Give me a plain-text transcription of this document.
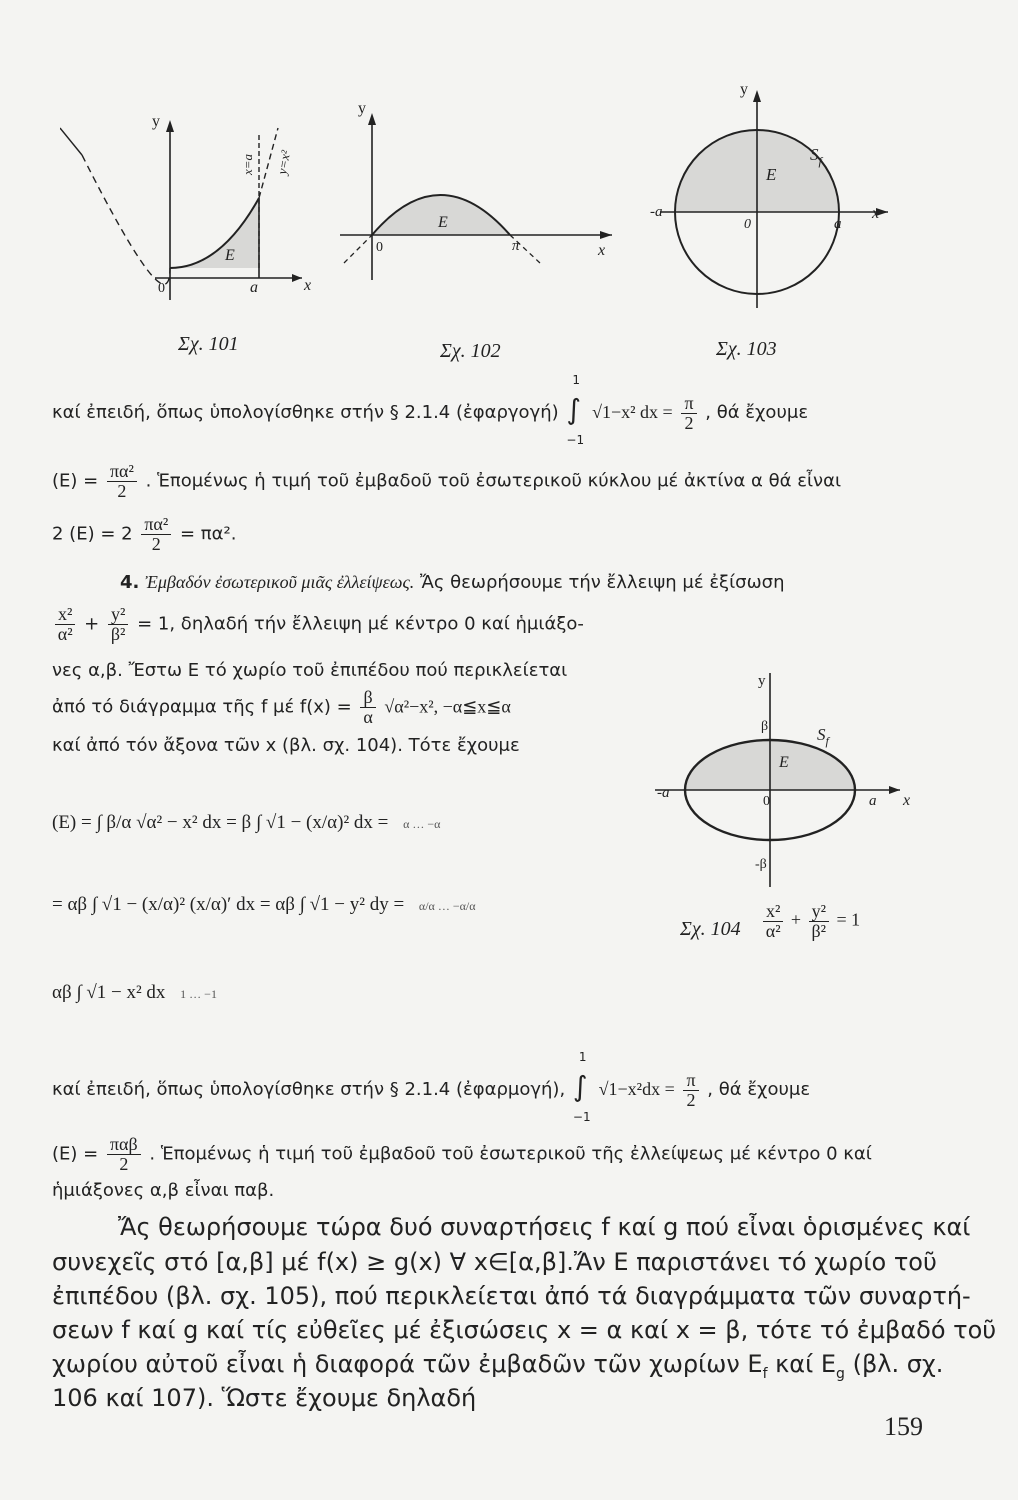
y
x
0	a
E
x=a y=x²
Σχ. 101
y
x
0	π
E
Σχ. 102
y
x
0	a
-a
E
$S_f$
Σχ. 103
καί ἐπειδή, ὅπως ὑπολογίσθηκε στήν § 2.1.4 (ἐφαργογή)
1
∫
−1
√1−x² dx = $\frac{\pi}{2}$ , θά ἔχουμε
$(E) = \frac{\text{πα²}}{2}$ . Ἑπομένως ἡ τιμή τοῦ ἐμβαδοῦ τοῦ ἐσωτερικοῦ κύκλου μέ ἀκτίνα α θά εἶναι
2 $(E) = 2 \frac{\text{πα²}}{2} = \pi\alpha^2$.
4. Ἐμβαδόν ἐσωτερικοῦ μιᾶς ἐλλείψεως. Ἄς θεωρήσουμε τήν ἔλλειψη μέ ἐξίσωση
$\frac{\text{x²}}{\text{α²}} + \frac{\text{y²}}{\text{β²}} = 1$, δηλαδή τήν ἔλλειψη μέ κέντρο 0 καί ἡμιάξο-
νες α,β. Ἔστω E τό χωρίο τοῦ ἐπιπέδου πού περικλείεται
ἀπό τό διάγραμμα τῆς f μέ $f(x) = \frac{\beta}{\alpha} √\alpha^2-x^2$, −α≦x≦α
καί ἀπό τόν ἄξονα τῶν x (βλ. σχ. 104). Τότε ἔχουμε
(E) = ∫ β/α √α² − x² dx = β ∫ √1 − (x/α)² dx = α … −α
= αβ ∫ √1 − (x/α)² (x/α)′ dx = αβ ∫ √1 − y² dy = α/α … −α/α
αβ ∫ √1 − x² dx 1 … −1
y
x
0	a
-a
β
-β
E
$S_f$
Σχ. $104 \frac{\text{x²}}{\text{α²}} + \frac{\text{y²}}{\text{β²}} = 1$
καί ἐπειδή, ὅπως ὑπολογίσθηκε στήν § 2.1.4 (ἐφαρμογή),
1
∫
−1
$√1-x^2dx = \frac{\pi}{2}$ , θά ἔχουμε
$(E) = \frac{\text{παβ}}{2}$ . Ἑπομένως ἡ τιμή τοῦ ἐμβαδοῦ τοῦ ἐσωτερικοῦ τῆς ἐλλείψεως μέ κέντρο 0 καί
ἡμιάξονες α,β εἶναι παβ.
Ἄς θεωρήσουμε τώρα δυό συναρτήσεις f καί g πού εἶναι ὁρισμένες καί
συνεχεῖς στό [α,β] μέ f(x) ≥ g(x) ∀ x∈[α,β].Ἄν E παριστάνει τό χωρίο τοῦ
ἐπιπέδου (βλ. σχ. 105), πού περικλείεται ἀπό τά διαγράμματα τῶν συναρτή-
σεων f καί g καί τίς εὐθεῖες μέ ἐξισώσεις x = α καί x = β, τότε τό ἐμβαδό τοῦ
χωρίου αὐτοῦ εἶναι ἡ διαφορά τῶν ἐμβαδῶν τῶν χωρίων $E_f$ καί $E_g$ (βλ. σχ.
106 καί 107). Ὥστε ἔχουμε δηλαδή
159
